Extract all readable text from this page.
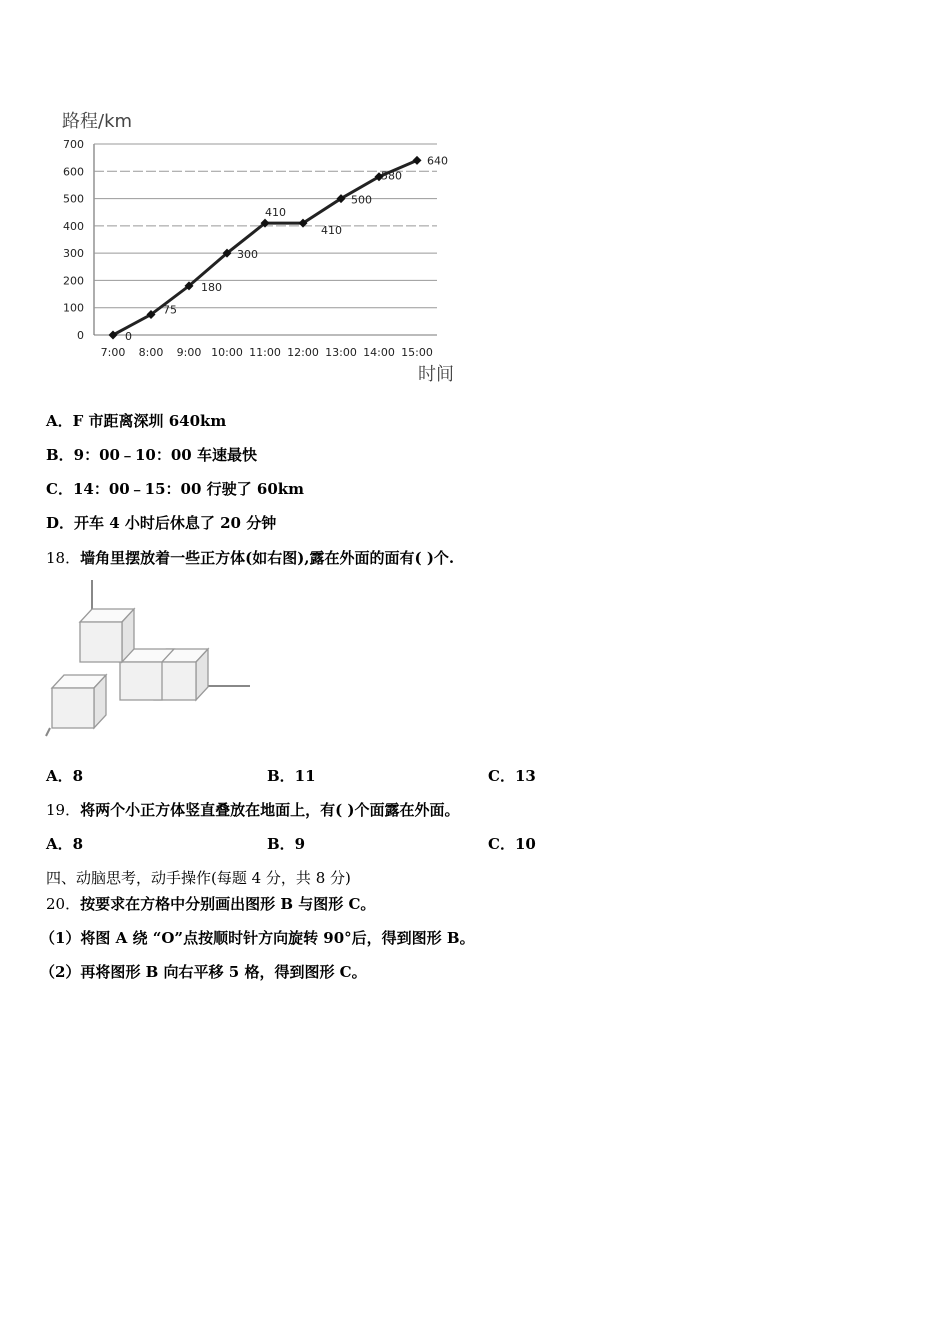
路程/km
0
100
200
300
400
500
600
700
7:00 8:00 9:00 10:00 11:00 12:00 13:00 14:00 15:00
0
75
180
300
410
410
500
580
640
时间
A．F 市距离深圳 640km
B．9：00﹣10：00 车速最快
C．14：00﹣15：00 行驶了 60km
D．开车 4 小时后休息了 20 分钟
18．墙角里摆放着一些正方体(如右图),露在外面的面有( )个.
A．8	B．11	C．13
19．将两个小正方体竖直叠放在地面上，有( )个面露在外面。
A．8	B．9	C．10
四、动脑思考，动手操作(每题 4 分，共 8 分)
20．按要求在方格中分别画出图形 B 与图形 C。
（1）将图 A 绕 “O”点按顺时针方向旋转 90°后，得到图形 B。
（2）再将图形 B 向右平移 5 格，得到图形 C。
